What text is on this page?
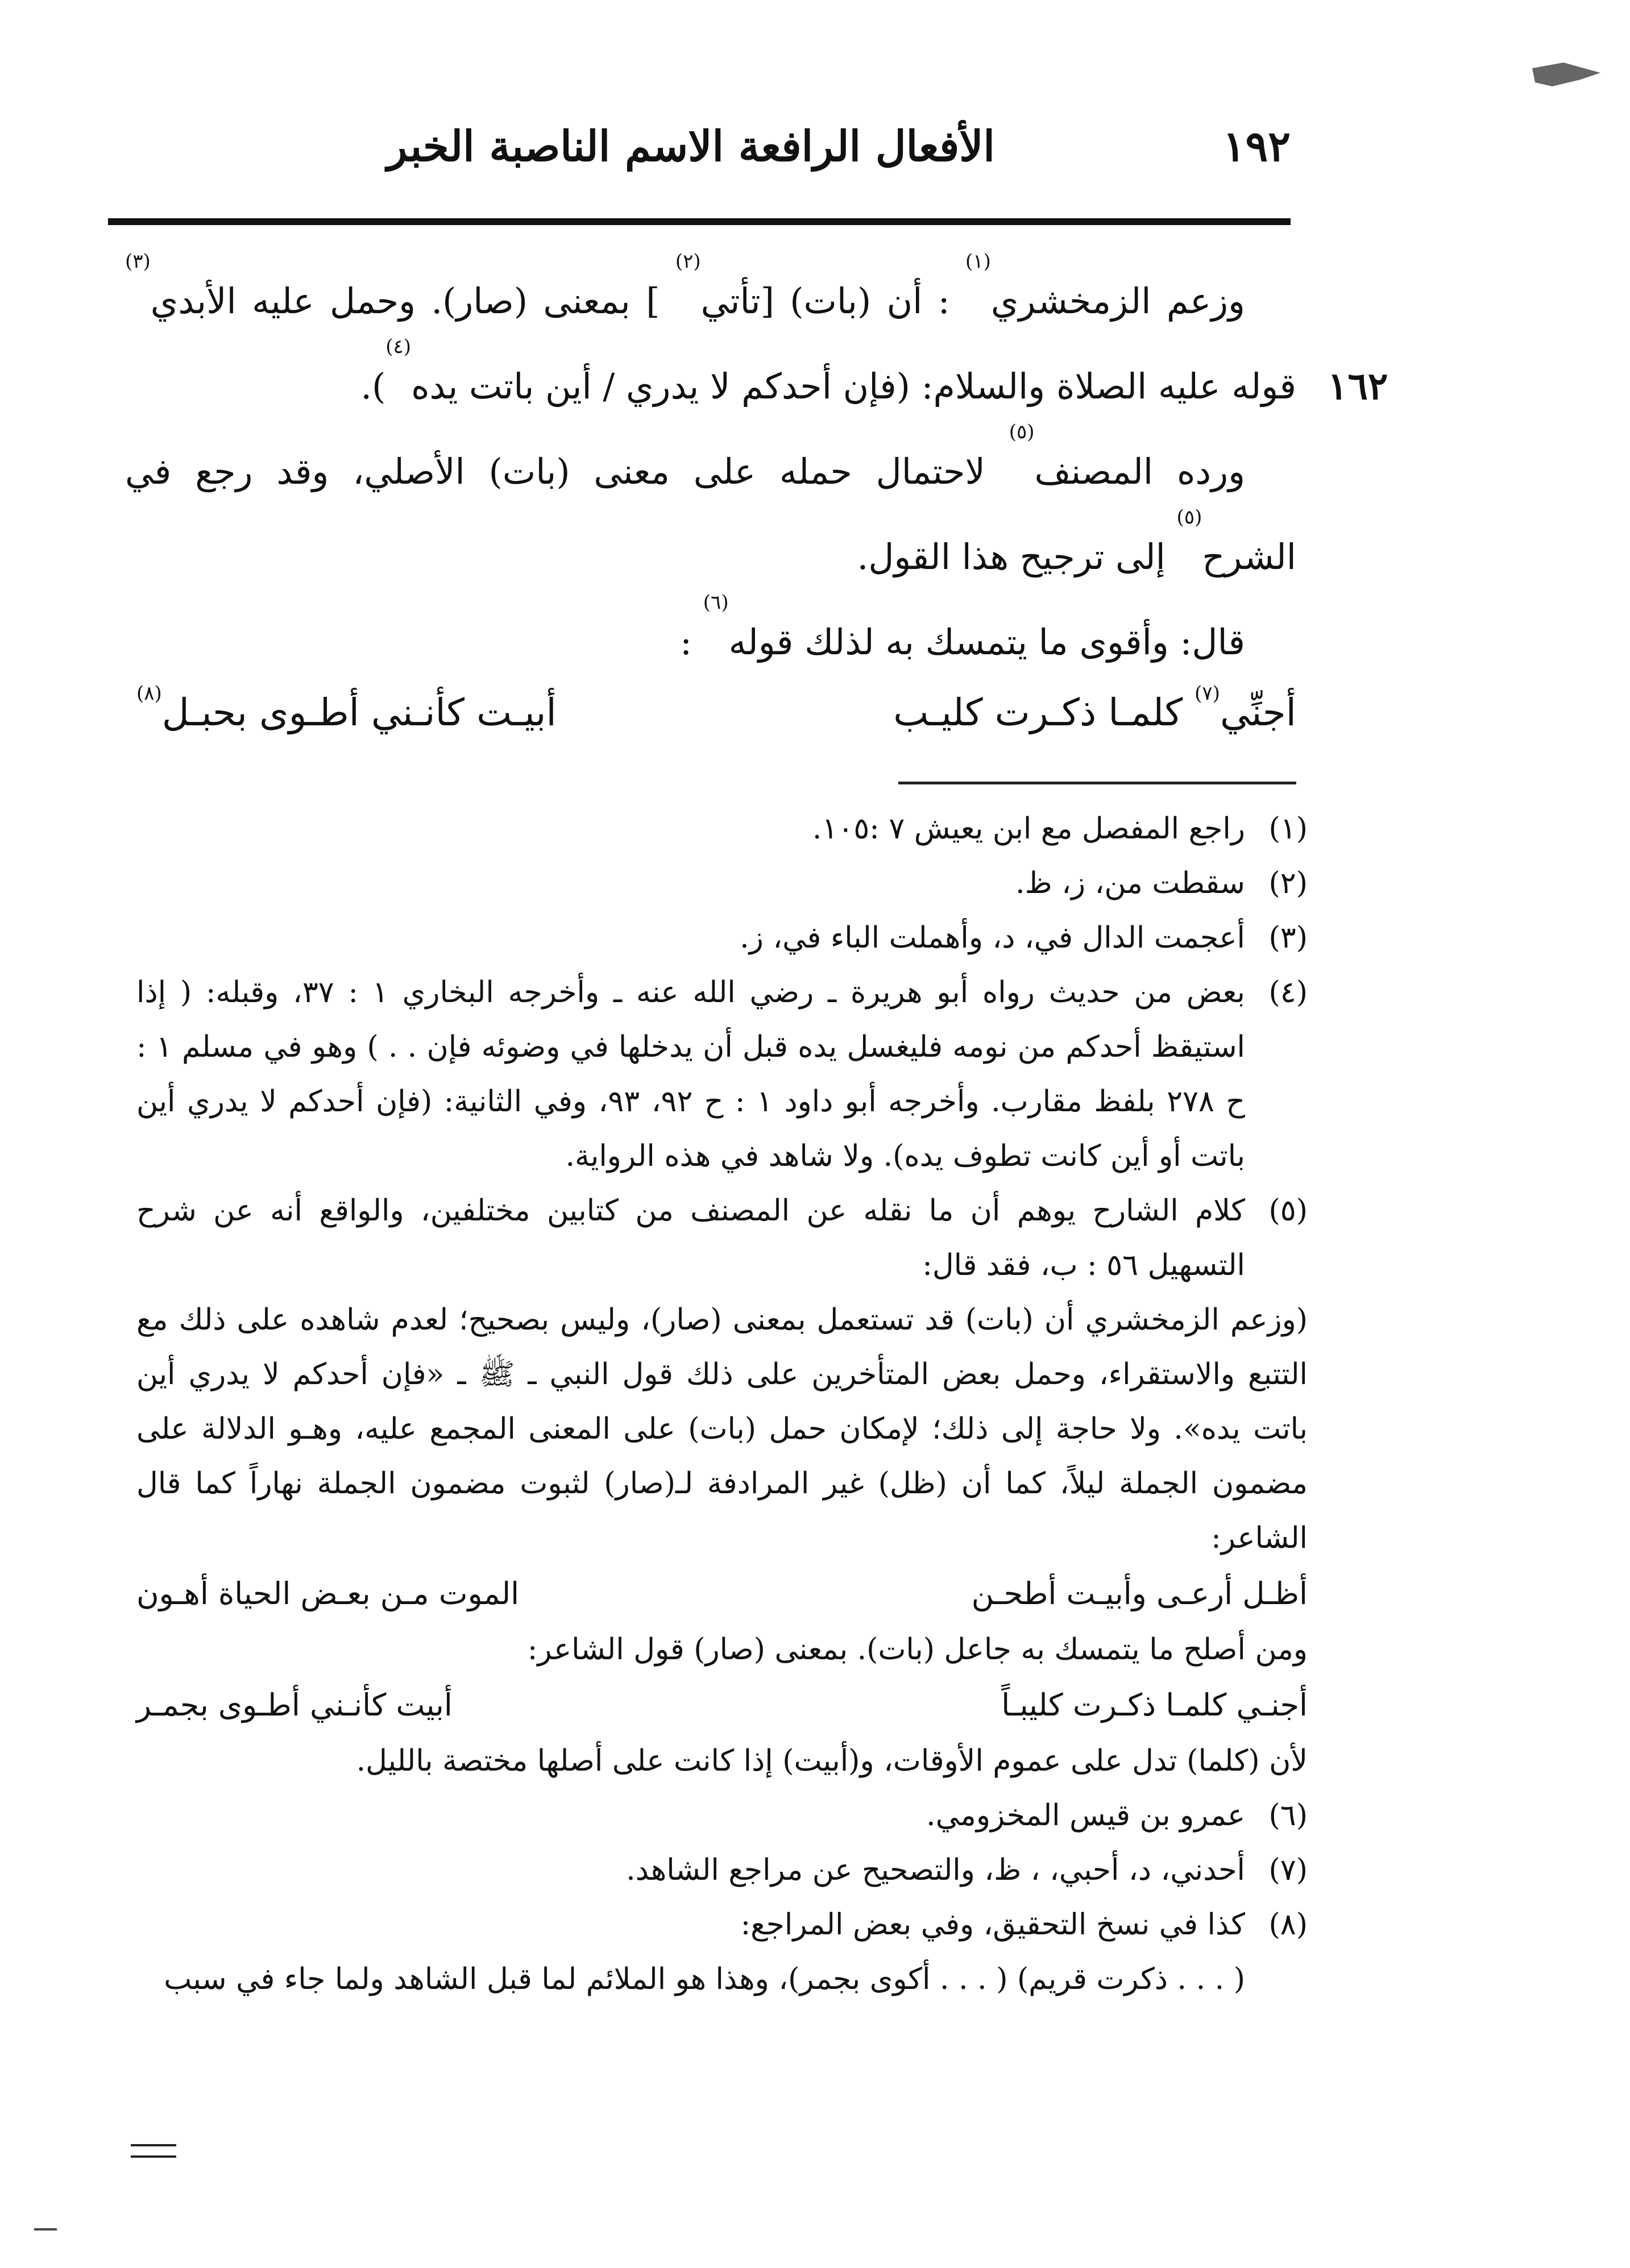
١٩٢
الأفعال الرافعة الاسم الناصبة الخبر
١٦٢

وزعم الزمخشري$^{(١)}$ : أن (بات) [تأتي$^{(٢)}$ ] بمعنى (صار). وحمل عليه الأبدي$^{(٣)}$ قوله عليه الصلاة والسلام: (فإن أحدكم لا يدري / أين باتت يده$^{(٤)}$).

ورده المصنف$^{(٥)}$ لاحتمال حمله على معنى (بات) الأصلي، وقد رجع في الشرح$^{(٥)}$ إلى ترجيح هذا القول.

قال: وأقوى ما يتمسك به لذلك قوله$^{(٦)}$ :

أجنِّي$^{(٧)}$ كلمـا ذكـرت كليـب
أبيـت كأنـني أطـوى بحبـل$^{(٨)}$

(١)
راجع المفصل مع ابن يعيش ٧ :١٠٥.

(٢)
سقطت من، ز، ظ.

(٣)
أعجمت الدال في، د، وأهملت الباء في، ز.

(٤)
بعض من حديث رواه أبو هريرة ـ رضي الله عنه ـ وأخرجه البخاري ١ : ٣٧، وقبله: ( إذا استيقظ أحدكم من نومه فليغسل يده قبل أن يدخلها في وضوئه فإن . . ) وهو في مسلم ١ : ح ٢٧٨ بلفظ مقارب. وأخرجه أبو داود ١ : ح ٩٢، ٩٣، وفي الثانية: (فإن أحدكم لا يدري أين باتت أو أين كانت تطوف يده). ولا شاهد في هذه الرواية.

(٥)
كلام الشارح يوهم أن ما نقله عن المصنف من كتابين مختلفين، والواقع أنه عن شرح التسهيل ٥٦ : ب، فقد قال:

(وزعم الزمخشري أن (بات) قد تستعمل بمعنى (صار)، وليس بصحيح؛ لعدم شاهده على ذلك مع التتبع والاستقراء، وحمل بعض المتأخرين على ذلك قول النبي ـ ﷺ ـ «فإن أحدكم لا يدري أين باتت يده». ولا حاجة إلى ذلك؛ لإمكان حمل (بات) على المعنى المجمع عليه، وهـو الدلالة على مضمون الجملة ليلاً، كما أن (ظل) غير المرادفة لـ(صار) لثبوت مضمون الجملة نهاراً كما قال الشاعر:

أظـل أرعـى وأبيـت أطحـن
الموت مـن بعـض الحياة أهـون

ومن أصلح ما يتمسك به جاعل (بات). بمعنى (صار) قول الشاعر:

أجنـي كلمـا ذكـرت كليبـاً
أبيت كأنـني أطـوى بجمـر

لأن (كلما) تدل على عموم الأوقات، و(أبيت) إذا كانت على أصلها مختصة بالليل.

(٦)
عمرو بن قيس المخزومي.

(٧)
أحدني، د، أحبي، ، ظ، والتصحيح عن مراجع الشاهد.

(٨)
كذا في نسخ التحقيق، وفي بعض المراجع:

( . . . ذكرت قريم) ( . . . أكوى بجمر)، وهذا هو الملائم لما قبل الشاهد ولما جاء في سبب
